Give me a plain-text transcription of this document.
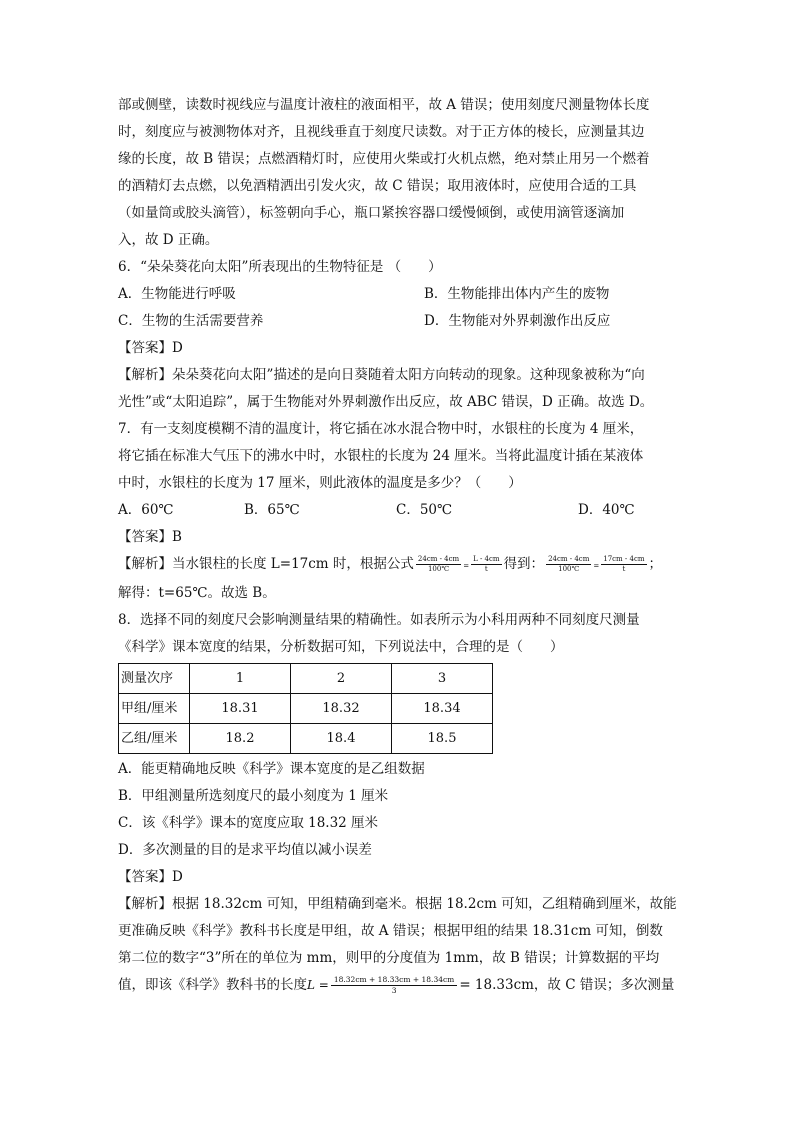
部或侧壁，读数时视线应与温度计液柱的液面相平，故 A 错误；使用刻度尺测量物体长度

时，刻度应与被测物体对齐，且视线垂直于刻度尺读数。对于正方体的棱长，应测量其边

缘的长度，故 B 错误；点燃酒精灯时，应使用火柴或打火机点燃，绝对禁止用另一个燃着

的酒精灯去点燃，以免酒精洒出引发火灾，故 C 错误；取用液体时，应使用合适的工具

（如量筒或胶头滴管），标签朝向手心，瓶口紧挨容器口缓慢倾倒，或使用滴管逐滴加

入，故 D 正确。

6．“朵朵葵花向太阳”所表现出的生物特征是 （　　）

A．生物能进行呼吸	B．生物能排出体内产生的废物
C．生物的生活需要营养	D．生物能对外界刺激作出反应

【答案】D

【解析】朵朵葵花向太阳”描述的是向日葵随着太阳方向转动的现象。这种现象被称为“向

光性”或“太阳追踪”，属于生物能对外界刺激作出反应，故 ABC 错误，D 正确。故选 D。

7．有一支刻度模糊不清的温度计，将它插在冰水混合物中时，水银柱的长度为 4 厘米，

将它插在标准大气压下的沸水中时，水银柱的长度为 24 厘米。当将此温度计插在某液体

中时，水银柱的长度为 17 厘米，则此液体的温度是多少？（　　）

A．60℃	B．65℃	C．50℃	D．40℃

【答案】B

【解析】当水银柱的长度 L=17cm 时，根据公式 $\frac{24cm - 4cm}{100℃} = \frac{L - 4cm}{t}$ 得到： $\frac{24cm - 4cm}{100℃} = \frac{17cm - 4cm}{t}$ ；

解得：t=65℃。故选 B。

8．选择不同的刻度尺会影响测量结果的精确性。如表所示为小科用两种不同刻度尺测量

《科学》课本宽度的结果，分析数据可知，下列说法中，合理的是（　　）

测量次序	1	2	3
甲组/厘米	18.31	18.32	18.34
乙组/厘米	18.2	18.4	18.5

A．能更精确地反映《科学》课本宽度的是乙组数据

B．甲组测量所选刻度尺的最小刻度为 1 厘米

C．该《科学》课本的宽度应取 18.32 厘米

D．多次测量的目的是求平均值以减小误差

【答案】D

【解析】根据 18.32cm 可知，甲组精确到毫米。根据 18.2cm 可知，乙组精确到厘米，故能

更准确反映《科学》教科书长度是甲组，故 A 错误；根据甲组的结果 18.31cm 可知，倒数

第二位的数字“3”所在的单位为 mm，则甲的分度值为 1mm，故 B 错误；计算数据的平均

值，即该《科学》教科书的长度$L = \frac{18.32cm + 18.33cm + 18.34cm}{3} = 18.33cm$，故 C 错误；多次测量
